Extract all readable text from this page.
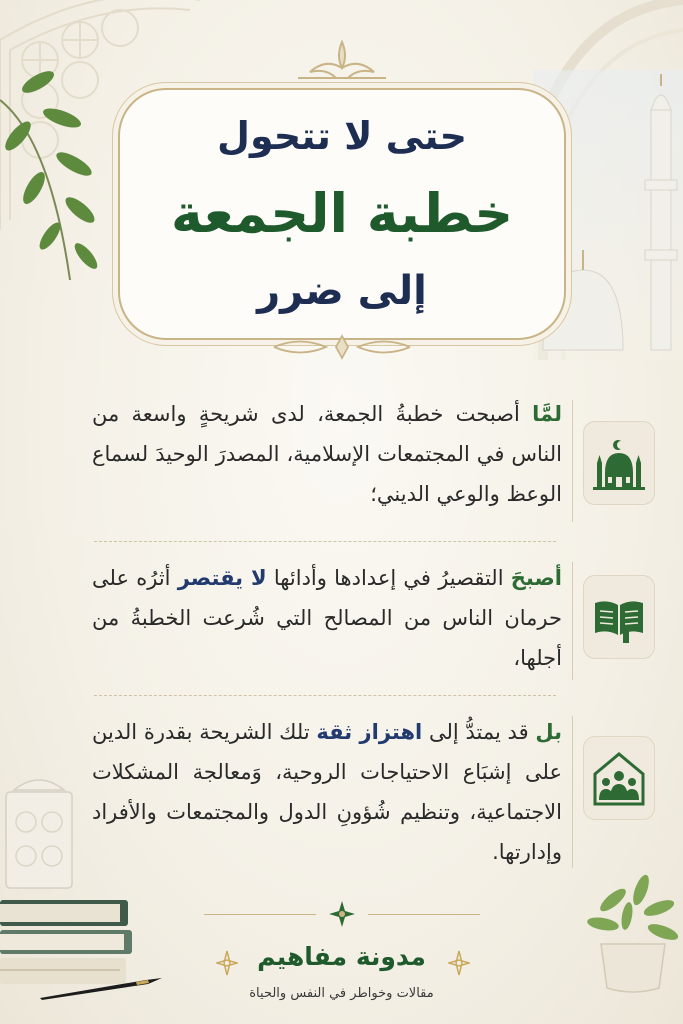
حتى لا تتحول
خطبة الجمعة
إلى ضرر
لمَّا أصبحت خطبةُ الجمعة، لدى شريحةٍ واسعة من الناس في المجتمعات الإسلامية، المصدرَ الوحيدَ لسماع الوعظ والوعي الديني؛
أصبحَ التقصيرُ في إعدادها وأدائها لا يقتصر أثرُه على حرمان الناس من المصالح التي شُرعت الخطبةُ من أجلها،
بل قد يمتدُّ إلى اهتزاز ثقة تلك الشريحة بقدرة الدين على إشبَاع الاحتياجات الروحية، وَمعالجة المشكلات الاجتماعية، وتنظيم شُؤونِ الدول والمجتمعات والأفراد وإدارتها.
مدونة مفاهيم
مقالات وخواطر في النفس والحياة
